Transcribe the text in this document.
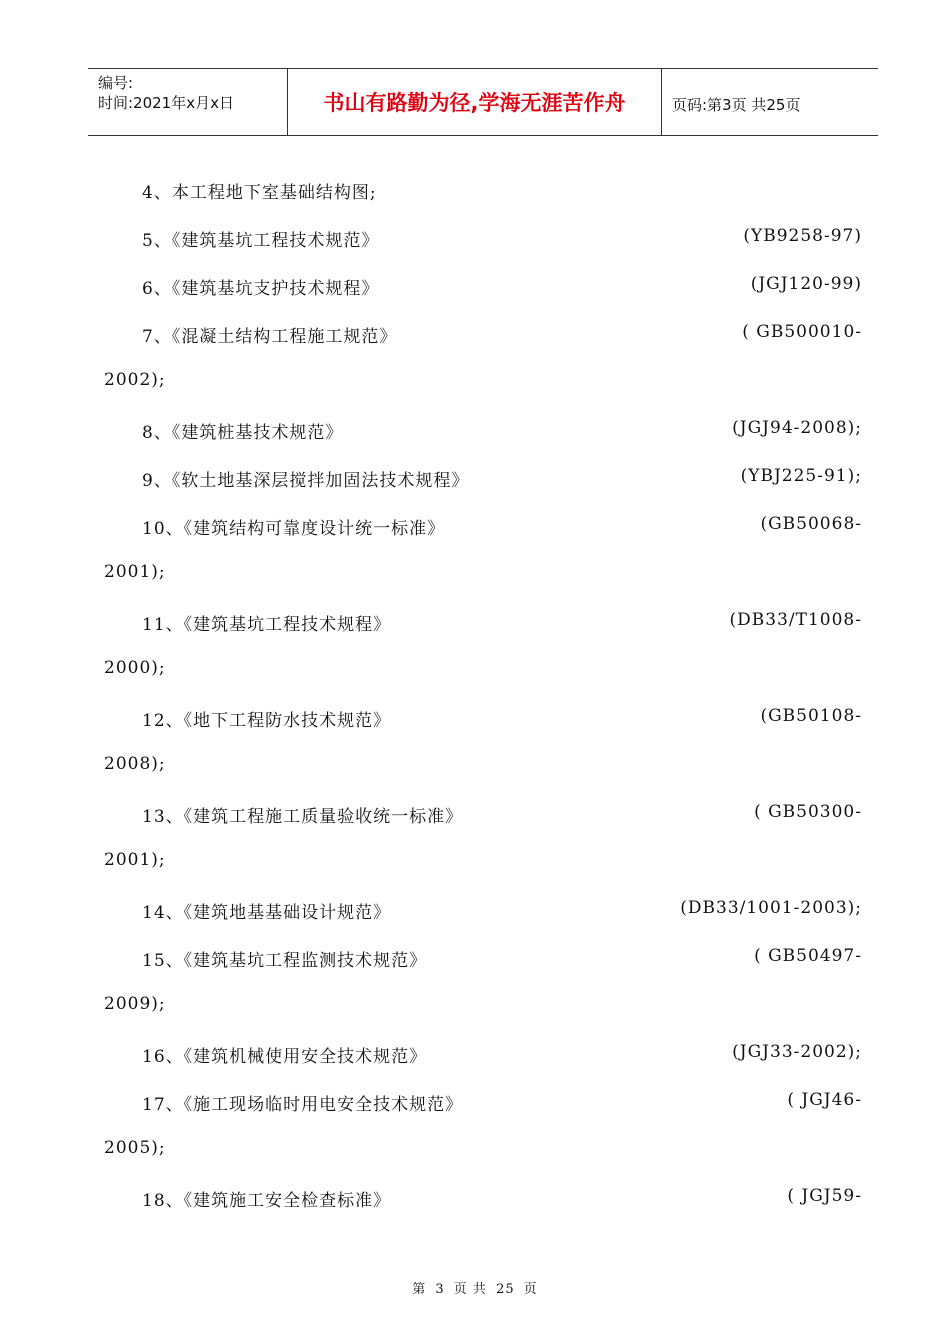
编号:
时间:2021年x月x日	书山有路勤为径,学海无涯苦作舟	页码:第3页 共25页
4、本工程地下室基础结构图;
5、《建筑基坑工程技术规范》	(YB9258-97)
6、《建筑基坑支护技术规程》	(JGJ120-99)
7、《混凝土结构工程施工规范》	( GB500010-
2002);
8、《建筑桩基技术规范》	(JGJ94-2008);
9、《软土地基深层搅拌加固法技术规程》	(YBJ225-91);
10、《建筑结构可靠度设计统一标准》	(GB50068-
2001);
11、《建筑基坑工程技术规程》	(DB33/T1008-
2000);
12、《地下工程防水技术规范》	(GB50108-
2008);
13、《建筑工程施工质量验收统一标准》	( GB50300-
2001);
14、《建筑地基基础设计规范》	(DB33/1001-2003);
15、《建筑基坑工程监测技术规范》	( GB50497-
2009);
16、《建筑机械使用安全技术规范》	(JGJ33-2002);
17、《施工现场临时用电安全技术规范》	( JGJ46-
2005);
18、《建筑施工安全检查标准》	( JGJ59-
第 3 页 共 25 页
